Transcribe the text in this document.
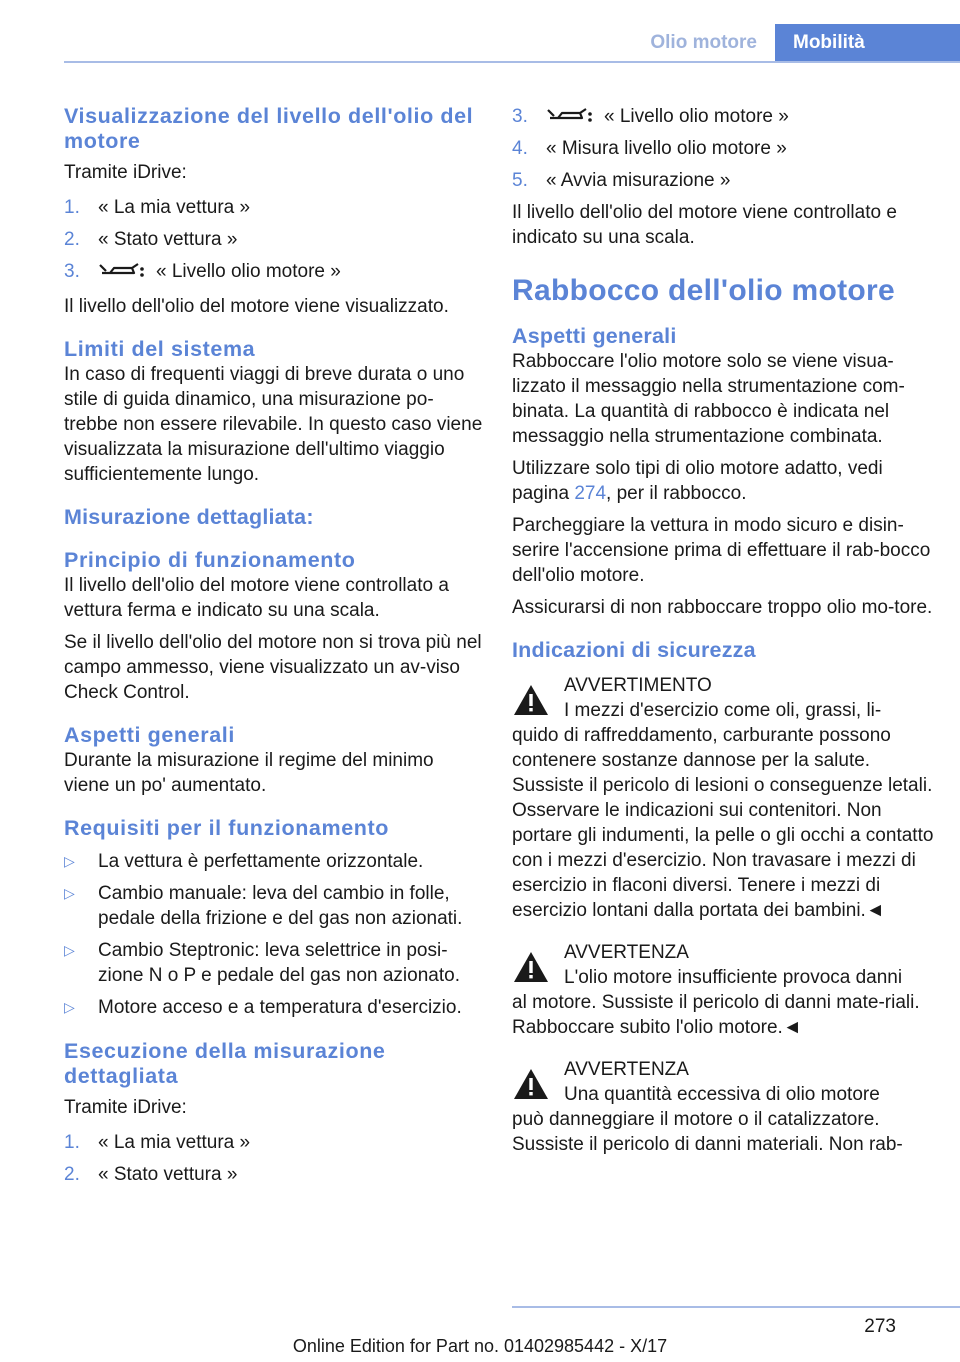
Olio motore	Mobilità
Visualizzazione del livello dell'olio del motore

Tramite iDrive:

1. « La mia vettura »
2. « Stato vettura »
3.	« Livello olio motore »

Il livello dell'olio del motore viene visualizzato.

Limiti del sistema

In caso di frequenti viaggi di breve durata o uno stile di guida dinamico, una misurazione po‐trebbe non essere rilevabile. In questo caso viene visualizzata la misurazione dell'ultimo viaggio sufficientemente lungo.

Misurazione dettagliata:
Principio di funzionamento

Il livello dell'olio del motore viene controllato a vettura ferma e indicato su una scala.

Se il livello dell'olio del motore non si trova più nel campo ammesso, viene visualizzato un av‐viso Check Control.

Aspetti generali

Durante la misurazione il regime del minimo viene un po' aumentato.

Requisiti per il funzionamento
▷	La vettura è perfettamente orizzontale.
▷	Cambio manuale: leva del cambio in folle, pedale della frizione e del gas non azionati.
▷	Cambio Steptronic: leva selettrice in posi‐zione N o P e pedale del gas non azionato.
▷	Motore acceso e a temperatura d'esercizio.
Esecuzione della misurazione dettagliata

Tramite iDrive:

1. « La mia vettura »
2. « Stato vettura »
3.	« Livello olio motore »
4. « Misura livello olio motore »
5. « Avvia misurazione »

Il livello dell'olio del motore viene controllato e indicato su una scala.

Rabbocco dell'olio motore
Aspetti generali

Rabboccare l'olio motore solo se viene visua‐lizzato il messaggio nella strumentazione com‐binata. La quantità di rabbocco è indicata nel messaggio nella strumentazione combinata.

Utilizzare solo tipi di olio motore adatto, vedi pagina 274, per il rabbocco.

Parcheggiare la vettura in modo sicuro e disin‐serire l'accensione prima di effettuare il rab‐bocco dell'olio motore.

Assicurarsi di non rabboccare troppo olio mo‐tore.

Indicazioni di sicurezza
AVVERTIMENTO
I mezzi d'esercizio come oli, grassi, li‐
quido di raffreddamento, carburante possono contenere sostanze dannose per la salute. Sussiste il pericolo di lesioni o conseguenze letali. Osservare le indicazioni sui contenitori. Non portare gli indumenti, la pelle o gli occhi a contatto con i mezzi d'esercizio. Non travasare i mezzi di esercizio in flaconi diversi. Tenere i mezzi di esercizio lontani dalla portata dei bambini.◄
AVVERTENZA
L'olio motore insufficiente provoca danni
al motore. Sussiste il pericolo di danni mate‐riali. Rabboccare subito l'olio motore.◄
AVVERTENZA
Una quantità eccessiva di olio motore
può danneggiare il motore o il catalizzatore. Sussiste il pericolo di danni materiali. Non rab‐
273
Online Edition for Part no. 01402985442 - X/17
